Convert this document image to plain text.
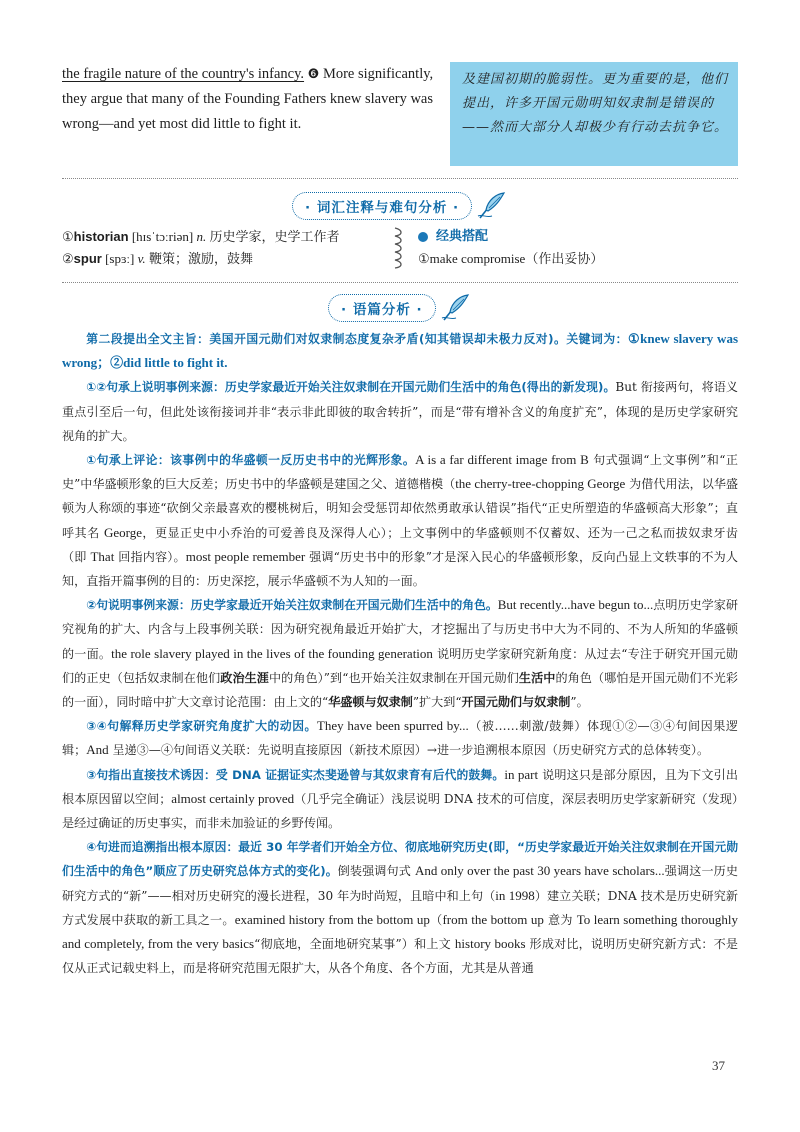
the fragile nature of the country's infancy. ❻ More significantly, they argue that many of the Founding Fathers knew slavery was wrong—and yet most did little to fight it.
及建国初期的脆弱性。更为重要的是，他们提出，许多开国元勋明知奴隶制是错误的——然而大部分人却极少有行动去抗争它。
· 词汇注释与难句分析 ·
①historian [hɪsˈtɔːriən] n. 历史学家，史学工作者
②spur [spɜː] v. 鞭策；激励，鼓舞
经典搭配
①make compromise（作出妥协）
· 语篇分析 ·

第二段提出全文主旨：美国开国元勋们对奴隶制态度复杂矛盾(知其错误却未极力反对)。关键词为：①knew slavery was wrong；②did little to fight it.

①②句承上说明事例来源：历史学家最近开始关注奴隶制在开国元勋们生活中的角色(得出的新发现)。But 衔接两句，将语义重点引至后一句，但此处该衔接词并非“表示非此即彼的取舍转折”，而是“带有增补含义的角度扩充”，体现的是历史学家研究视角的扩大。

①句承上评论：该事例中的华盛顿一反历史书中的光辉形象。A is a far different image from B 句式强调“上文事例”和“正史”中华盛顿形象的巨大反差；历史书中的华盛顿是建国之父、道德楷模（the cherry-tree-chopping George 为借代用法，以华盛顿为人称颂的事迹“砍倒父亲最喜欢的樱桃树后，明知会受惩罚却依然勇敢承认错误”指代“正史所塑造的华盛顿高大形象”；直呼其名 George，更显正史中小乔治的可爱善良及深得人心）；上文事例中的华盛顿则不仅蓄奴、还为一己之私而拔奴隶牙齿（即 That 回指内容）。most people remember 强调“历史书中的形象”才是深入民心的华盛顿形象，反向凸显上文轶事的不为人知，直指开篇事例的目的：历史深挖，展示华盛顿不为人知的一面。

②句说明事例来源：历史学家最近开始关注奴隶制在开国元勋们生活中的角色。But recently...have begun to...点明历史学家研究视角的扩大、内含与上段事例关联：因为研究视角最近开始扩大，才挖掘出了与历史书中大为不同的、不为人所知的华盛顿的一面。the role slavery played in the lives of the founding generation 说明历史学家研究新角度：从过去“专注于研究开国元勋们的正史（包括奴隶制在他们政治生涯中的角色）”到“也开始关注奴隶制在开国元勋们生活中的角色（哪怕是开国元勋们不光彩的一面），同时暗中扩大文章讨论范围：由上文的“华盛顿与奴隶制”扩大到“开国元勋们与奴隶制”。

③④句解释历史学家研究角度扩大的动因。They have been spurred by...（被……刺激/鼓舞）体现①②—③④句间因果逻辑；And 呈递③—④句间语义关联：先说明直接原因（新技术原因）→进一步追溯根本原因（历史研究方式的总体转变）。

③句指出直接技术诱因：受 DNA 证据证实杰斐逊曾与其奴隶育有后代的鼓舞。in part 说明这只是部分原因，且为下文引出根本原因留以空间；almost certainly proved（几乎完全确证）浅层说明 DNA 技术的可信度，深层表明历史学家新研究（发现）是经过确证的历史事实，而非未加验证的乡野传闻。

④句进而追溯指出根本原因：最近 30 年学者们开始全方位、彻底地研究历史(即，“历史学家最近开始关注奴隶制在开国元勋们生活中的角色”顺应了历史研究总体方式的变化)。倒装强调句式 And only over the past 30 years have scholars...强调这一历史研究方式的“新”——相对历史研究的漫长进程，30 年为时尚短，且暗中和上句（in 1998）建立关联；DNA 技术是历史研究新方式发展中获取的新工具之一。examined history from the bottom up（from the bottom up 意为 To learn something thoroughly and completely, from the very basics“彻底地，全面地研究某事”）和上文 history books 形成对比，说明历史研究新方式：不是仅从正式记载史料上，而是将研究范围无限扩大，从各个角度、各个方面，尤其是从普通

37
